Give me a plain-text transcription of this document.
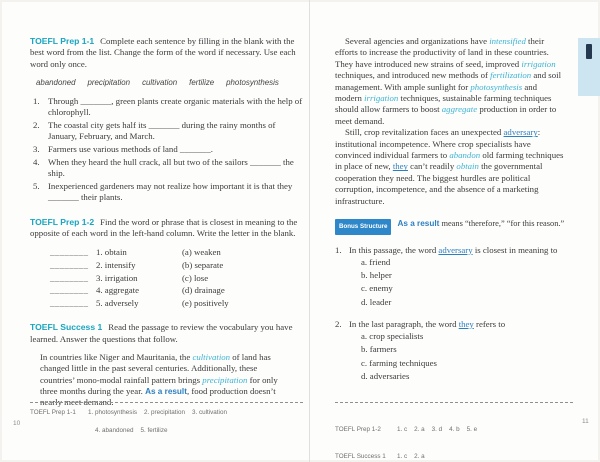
TOEFL Prep 1-1 Complete each sentence by filling in the blank with the best word from the list. Change the form of the word if necessary. Use each word only once.

abandoned precipitation cultivation fertilize photosynthesis

1. Through _______, green plants create organic materials with the help of chlorophyll.
2. The coastal city gets half its _______ during the rainy months of January, February, and March.
3. Farmers use various methods of land _______.
4. When they heard the hull crack, all but two of the sailors _______ the ship.
5. Inexperienced gardeners may not realize how important it is that they _______ their plants.

TOEFL Prep 1-2 Find the word or phrase that is closest in meaning to the opposite of each word in the left-hand column. Write the letter in the blank.

________ 1. obtain	(a) weaken
________ 2. intensify	(b) separate
________ 3. irrigation	(c) lose
________ 4. aggregate	(d) drainage
________ 5. adversely	(e) positively

TOEFL Success 1 Read the passage to review the vocabulary you have learned. Answer the questions that follow.

In countries like Niger and Mauritania, the cultivation of land has changed little in the past several centuries. Additionally, these countries’ mono-modal rainfall pattern brings precipitation for only three months during the year. As a result, food production doesn’t nearly meet demand.

TOEFL Prep 1-1	1. photosynthesis    2. precipitation    3. cultivation

4. abandoned    5. fertilize
10

Several agencies and organizations have intensified their efforts to increase the productivity of land in these countries. They have introduced new strains of seed, improved irrigation techniques, and introduced new methods of fertilization and soil management. With ample sunlight for photosynthesis and modern irrigation techniques, sustainable farming techniques should allow farmers to boost aggregate production in order to meet demand.

Still, crop revitalization faces an unexpected adversary: institutional incompetence. Where crop specialists have convinced individual farmers to abandon old farming techniques in place of new, they can’t readily obtain the governmental cooperation they need. The biggest hurdles are political corruption, incompetence, and the absence of a marketing infrastructure.

Bonus Structure	As a result means “therefore,” “for this reason.”
1. In this passage, the word adversary is closest in meaning to
a. friend
b. helper
c. enemy
d. leader
2. In the last paragraph, the word they refers to
a. crop specialists
b. farmers
c. farming techniques
d. adversaries

TOEFL Prep 1-2	1. c    2. a    3. d    4. b    5. e

TOEFL Success 1	1. c    2. a

11
